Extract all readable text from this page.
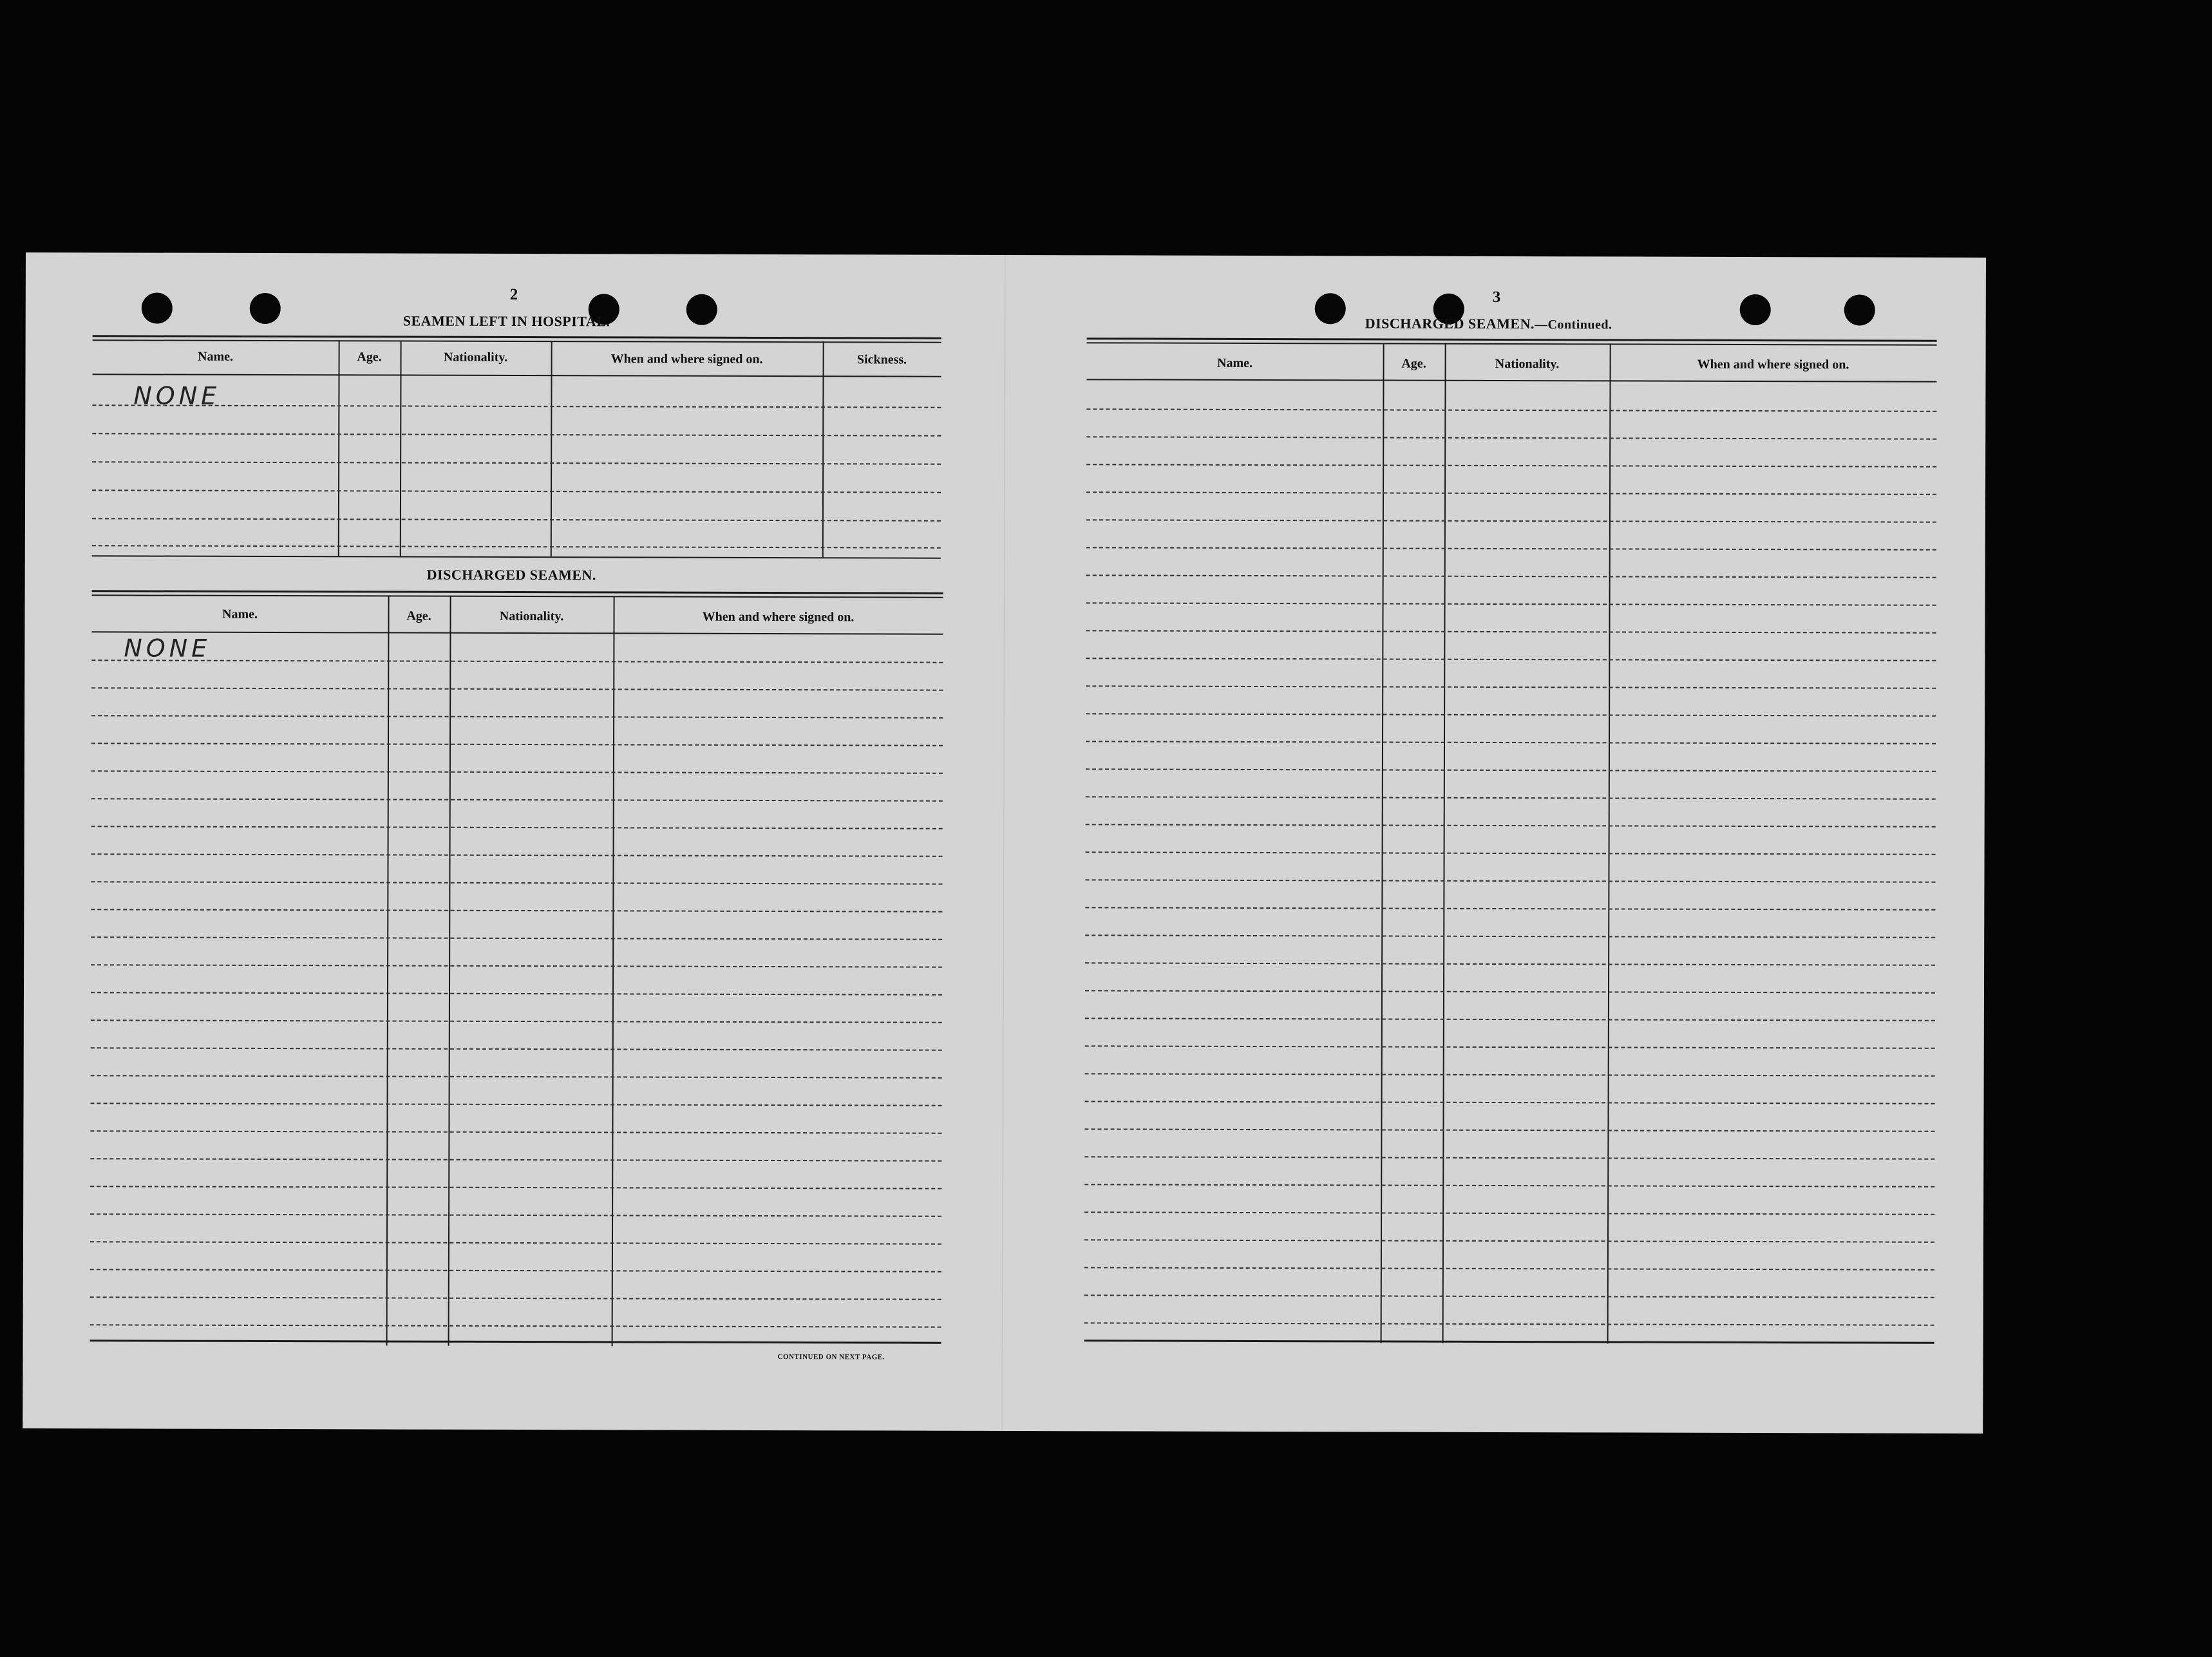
2
SEAMEN LEFT IN HOSPITAL.
Name.	Age.	Nationality.	When and where signed on.	Sickness.
NONE
DISCHARGED SEAMEN.
Name.	Age.	Nationality.	When and where signed on.
NONE
CONTINUED ON NEXT PAGE.
3
DISCHARGED SEAMEN.—Continued.
Name.	Age.	Nationality.	When and where signed on.
